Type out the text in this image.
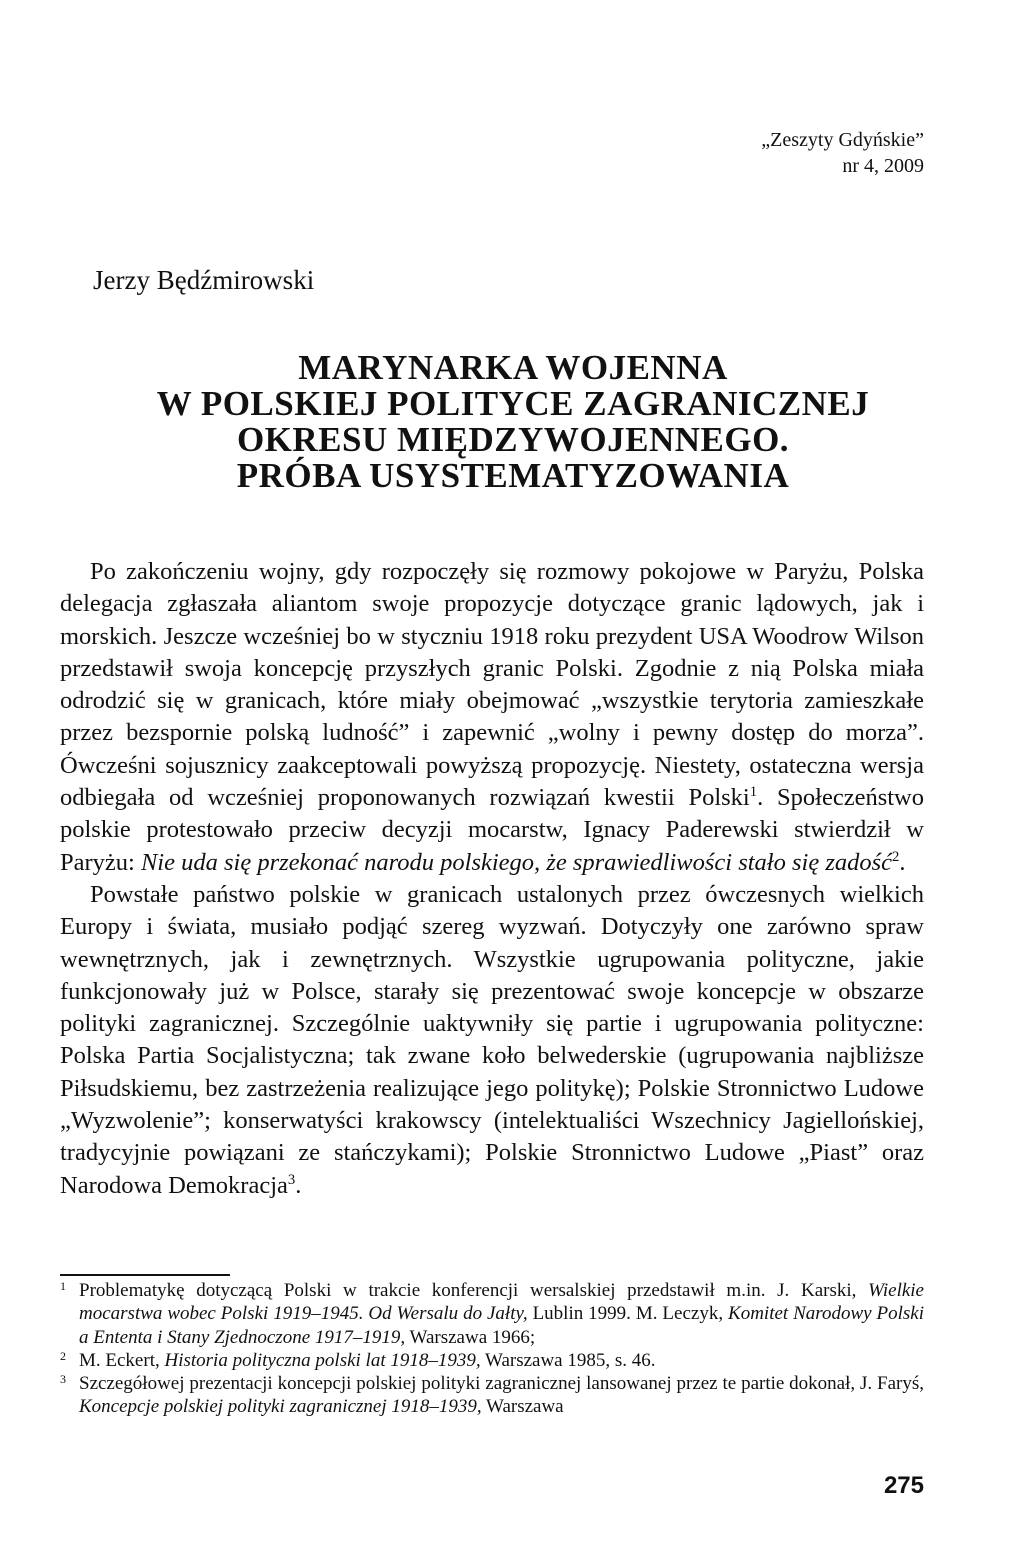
„Zeszyty Gdyńskie”
nr 4, 2009
Jerzy Będźmirowski
MARYNARKA WOJENNA
W POLSKIEJ POLITYCE ZAGRANICZNEJ
OKRESU MIĘDZYWOJENNEGO.
PRÓBA USYSTEMATYZOWANIA

Po zakończeniu wojny, gdy rozpoczęły się rozmowy pokojowe w Paryżu, Polska delegacja zgłaszała aliantom swoje propozycje dotyczące granic lądowych, jak i morskich. Jeszcze wcześniej bo w styczniu 1918 roku prezydent USA Woodrow Wilson przedstawił swoja koncepcję przyszłych granic Polski. Zgodnie z nią Polska miała odrodzić się w granicach, które miały obejmować „wszystkie terytoria zamieszkałe przez bezspornie polską ludność” i zapewnić „wolny i pewny dostęp do morza”. Ówcześni sojusznicy zaakceptowali powyższą propozycję. Niestety, ostateczna wersja odbiegała od wcześniej proponowanych rozwiązań kwestii Polski$^1$. Społeczeństwo polskie protestowało przeciw decyzji mocarstw, Ignacy Paderewski stwierdził w Paryżu: Nie uda się przekonać narodu polskiego, że sprawiedliwości stało się zadość$^2$.

Powstałe państwo polskie w granicach ustalonych przez ówczesnych wielkich Europy i świata, musiało podjąć szereg wyzwań. Dotyczyły one zarówno spraw wewnętrznych, jak i zewnętrznych. Wszystkie ugrupowania polityczne, jakie funkcjonowały już w Polsce, starały się prezentować swoje koncepcje w obszarze polityki zagranicznej. Szczególnie uaktywniły się partie i ugrupowania polityczne: Polska Partia Socjalistyczna; tak zwane koło belwederskie (ugrupowania najbliższe Piłsudskiemu, bez zastrzeżenia realizujące jego politykę); Polskie Stronnictwo Ludowe „Wyzwolenie”; konserwatyści krakowscy (intelektualiści Wszechnicy Jagiellońskiej, tradycyjnie powiązani ze stańczykami); Polskie Stronnictwo Ludowe „Piast” oraz Narodowa Demokracja$^3$.

1 Problematykę dotyczącą Polski w trakcie konferencji wersalskiej przedstawił m.in. J. Karski, Wielkie mocarstwa wobec Polski 1919–1945. Od Wersalu do Jałty, Lublin 1999. M. Leczyk, Komitet Narodowy Polski a Ententa i Stany Zjednoczone 1917–1919, Warszawa 1966;
2 M. Eckert, Historia polityczna polski lat 1918–1939, Warszawa 1985, s. 46.
3 Szczegółowej prezentacji koncepcji polskiej polityki zagranicznej lansowanej przez te partie dokonał, J. Faryś, Koncepcje polskiej polityki zagranicznej 1918–1939, Warszawa
275
